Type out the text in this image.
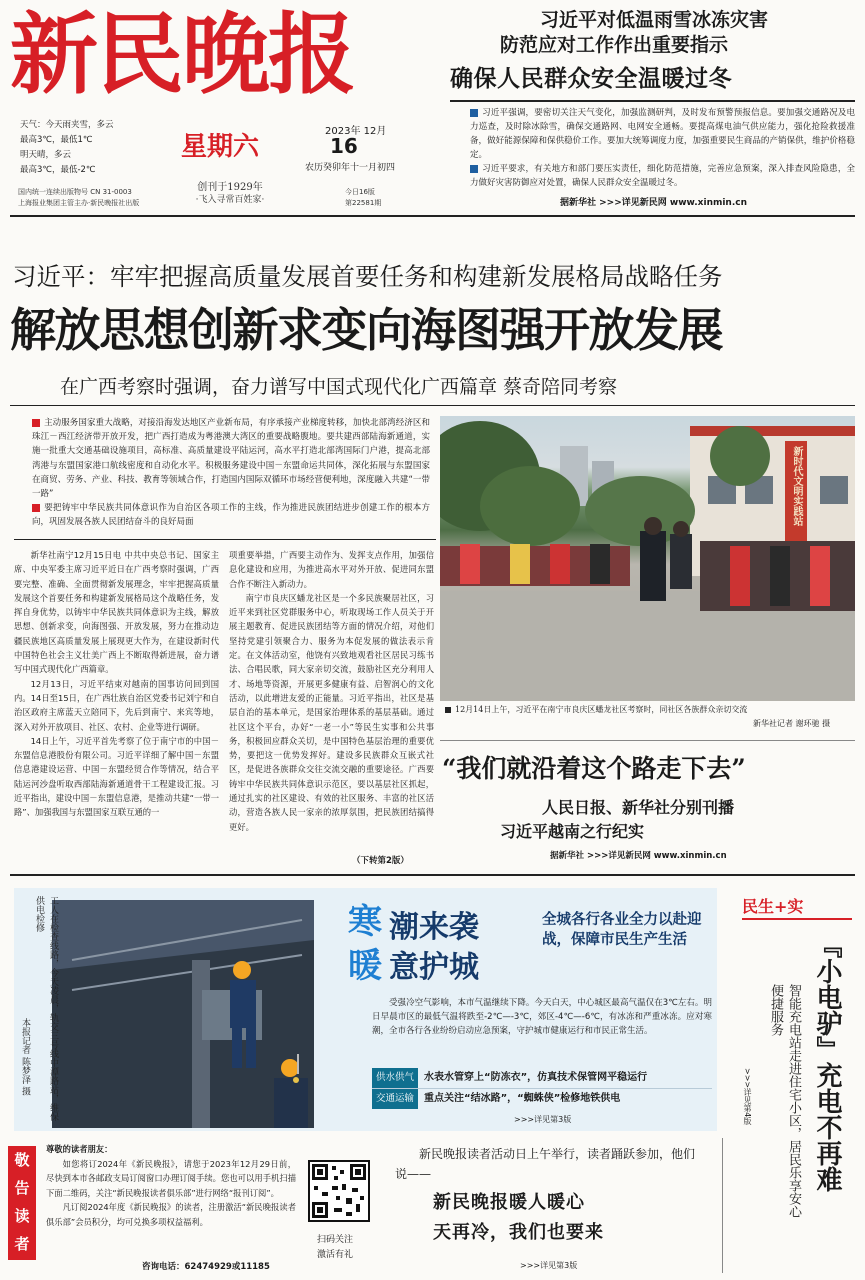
新民晚报
天气：今天雨夹雪，多云
最高3℃，最低1℃
明天晴，多云
最高3℃，最低-2℃
星期六
创刊于1929年
·飞入寻常百姓家·
2023年 12月
16
农历癸卯年十一月初四
国内统一连续出版物号 CN 31-0003
上海报业集团主管主办·新民晚报社出版
今日16版
第22581期
习近平对低温雨雪冰冻灾害
防范应对工作作出重要指示
确保人民群众安全温暖过冬
习近平强调，要密切关注天气变化，加强监测研判，及时发布预警预报信息。要加强交通路况及电力巡查，及时除冰除雪，确保交通路网、电网安全通畅。要提高煤电油气供应能力，强化抢险救援准备，做好能源保障和保供稳价工作。要加大统筹调度力度，加强重要民生商品的产销保供，维护价格稳定。
习近平要求，有关地方和部门要压实责任，细化防范措施，完善应急预案，深入排查风险隐患，全力做好灾害防御应对处置，确保人民群众安全温暖过冬。
据新华社 >>>详见新民网 www.xinmin.cn
习近平：牢牢把握高质量发展首要任务和构建新发展格局战略任务
解放思想创新求变向海图强开放发展
在广西考察时强调，奋力谱写中国式现代化广西篇章 蔡奇陪同考察
主动服务国家重大战略，对接沿海发达地区产业新布局，有序承接产业梯度转移，加快北部湾经济区和珠江－西江经济带开放开发，把广西打造成为粤港澳大湾区的重要战略腹地。要共建西部陆海新通道，实施一批重大交通基础设施项目，高标准、高质量建设平陆运河，高水平打造北部湾国际门户港，提高北部湾港与东盟国家港口航线密度和自动化水平。积极服务建设中国－东盟命运共同体，深化拓展与东盟国家在商贸、劳务、产业、科技、教育等领域合作，打造国内国际双循环市场经营便利地，深度融入共建“一带一路”
要把铸牢中华民族共同体意识作为自治区各项工作的主线，作为推进民族团结进步创建工作的根本方向，巩固发展各族人民团结奋斗的良好局面

新华社南宁12月15日电 中共中央总书记、国家主席、中央军委主席习近平近日在广西考察时强调，广西要完整、准确、全面贯彻新发展理念，牢牢把握高质量发展这个首要任务和构建新发展格局这个战略任务，发挥自身优势，以铸牢中华民族共同体意识为主线，解放思想、创新求变，向海图强、开放发展，努力在推动边疆民族地区高质量发展上展现更大作为，在建设新时代中国特色社会主义壮美广西上不断取得新进展，奋力谱写中国式现代化广西篇章。

12月13日，习近平结束对越南的国事访问回到国内。14日至15日，在广西壮族自治区党委书记刘宁和自治区政府主席蓝天立陪同下，先后到南宁、来宾等地，深入对外开放项目、社区、农村、企业等进行调研。

14日上午，习近平首先考察了位于南宁市的中国－东盟信息港股份有限公司。习近平详细了解中国－东盟信息港建设运营、中国－东盟经贸合作等情况，结合平陆运河沙盘听取西部陆海新通道骨干工程建设汇报。习近平指出，建设中国－东盟信息港，是推动共建“一带一路”、加强我国与东盟国家互联互通的一

项重要举措，广西要主动作为、发挥支点作用，加强信息化建设和应用，为推进高水平对外开放、促进同东盟合作不断注入新动力。

南宁市良庆区蟠龙社区是一个多民族聚居社区，习近平来到社区党群服务中心，听取现场工作人员关于开展主题教育、促进民族团结等方面的情况介绍，对他们坚持党建引领聚合力、服务为本促发展的做法表示肯定。在文体活动室，他饶有兴致地观看社区居民习练书法、合唱民歌，同大家亲切交流，鼓励社区充分利用人才、场地等资源，开展更多健康有益、启智润心的文化活动，以此增进友爱的正能量。习近平指出，社区是基层自治的基本单元，是国家治理体系的基层基础。通过社区这个平台，办好“一老一小”等民生实事和公共事务，积极回应群众关切，是中国特色基层治理的重要优势，要把这一优势发挥好。建设多民族群众互嵌式社区，是促进各族群众交往交流交融的重要途径。广西要铸牢中华民族共同体意识示范区，要以基层社区抓起，通过扎实的社区建设、有效的社区服务、丰富的社区活动，营造各族人民一家亲的浓厚氛围，把民族团结搞得更好。

（下转第2版）
新时代文明实践站
12月14日上午，习近平在南宁市良庆区蟠龙社区考察时，同社区各族群众亲切交流
新华社记者 谢环驰 摄
“我们就沿着这个路走下去”
人民日报、新华社分别刊播
习近平越南之行纪实
据新华社 >>>详见新民网 www.xinmin.cn
工人在检查线路，今天凌晨，轨交三号线中潭路站，维保供电检修
本报记者 陈梦泽 摄
寒
暖
潮来袭
意护城
全城各行各业全力以赴迎战，保障市民生产生活

受强冷空气影响，本市气温继续下降。今天白天，中心城区最高气温仅在3℃左右。明日早晨市区的最低气温将跌至-2℃—-3℃，郊区-4℃—-6℃，有冰冻和严重冰冻。应对寒潮，全市各行各业纷纷启动应急预案，守护城市健康运行和市民正常生活。

供水供气 水表水管穿上“防冻衣”，仿真技术保管网平稳运行
交通运输 重点关注“结冰路”，“蜘蛛侠”检修地铁供电
>>>详见第3版
民生+实
『小电驴』充电不再难
智能充电站走进住宅小区，居民乐享安心便捷服务
>>>详见第4版
敬
告
读
者
尊敬的读者朋友：

如您将订2024年《新民晚报》，请您于2023年12月29日前，尽快到本市各邮政支局订阅窗口办理订阅手续。您也可以用手机扫描下面二维码，关注“新民晚报读者俱乐部”进行网络“报刊订阅”。

凡订阅2024年度《新民晚报》的读者，注册激活“新民晚报读者俱乐部”会员积分，均可兑换多项权益福利。

咨询电话：62474929或11185
扫码关注
激活有礼
新民晚报读者活动日上午举行，读者踊跃参加，他们说——
新民晚报暖人暖心
天再冷，我们也要来
>>>详见第3版
